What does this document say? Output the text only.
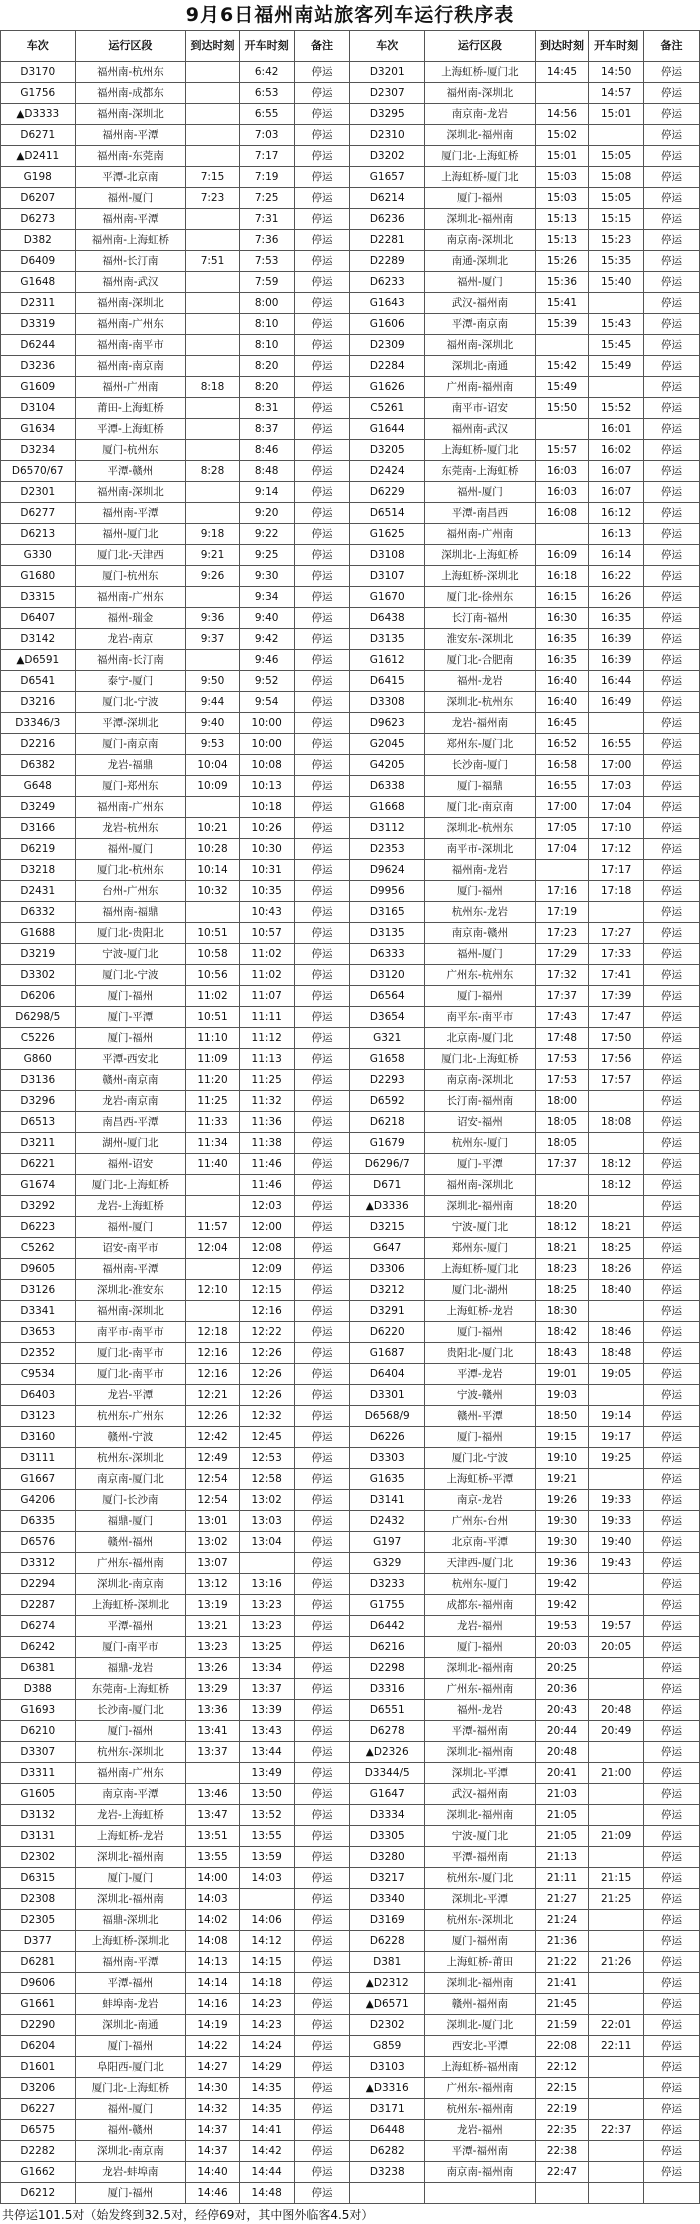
9月6日福州南站旅客列车运行秩序表
车次	运行区段	到达时刻	开车时刻	备注	车次	运行区段	到达时刻	开车时刻	备注
D3170	福州南-杭州东		6:42	停运	D3201	上海虹桥-厦门北	14:45	14:50	停运
G1756	福州南-成都东		6:53	停运	D2307	福州南-深圳北		14:57	停运
▲D3333	福州南-深圳北		6:55	停运	D3295	南京南-龙岩	14:56	15:01	停运
D6271	福州南-平潭		7:03	停运	D2310	深圳北-福州南	15:02		停运
▲D2411	福州南-东莞南		7:17	停运	D3202	厦门北-上海虹桥	15:01	15:05	停运
G198	平潭-北京南	7:15	7:19	停运	G1657	上海虹桥-厦门北	15:03	15:08	停运
D6207	福州-厦门	7:23	7:25	停运	D6214	厦门-福州	15:03	15:05	停运
D6273	福州南-平潭		7:31	停运	D6236	深圳北-福州南	15:13	15:15	停运
D382	福州南-上海虹桥		7:36	停运	D2281	南京南-深圳北	15:13	15:23	停运
D6409	福州-长汀南	7:51	7:53	停运	D2289	南通-深圳北	15:26	15:35	停运
G1648	福州南-武汉		7:59	停运	D6233	福州-厦门	15:36	15:40	停运
D2311	福州南-深圳北		8:00	停运	G1643	武汉-福州南	15:41		停运
D3319	福州南-广州东		8:10	停运	G1606	平潭-南京南	15:39	15:43	停运
D6244	福州南-南平市		8:10	停运	D2309	福州南-深圳北		15:45	停运
D3236	福州南-南京南		8:20	停运	D2284	深圳北-南通	15:42	15:49	停运
G1609	福州-广州南	8:18	8:20	停运	G1626	广州南-福州南	15:49		停运
D3104	莆田-上海虹桥		8:31	停运	C5261	南平市-诏安	15:50	15:52	停运
G1634	平潭-上海虹桥		8:37	停运	G1644	福州南-武汉		16:01	停运
D3234	厦门-杭州东		8:46	停运	D3205	上海虹桥-厦门北	15:57	16:02	停运
D6570/67	平潭-赣州	8:28	8:48	停运	D2424	东莞南-上海虹桥	16:03	16:07	停运
D2301	福州南-深圳北		9:14	停运	D6229	福州-厦门	16:03	16:07	停运
D6277	福州南-平潭		9:20	停运	D6514	平潭-南昌西	16:08	16:12	停运
D6213	福州-厦门北	9:18	9:22	停运	G1625	福州南-广州南		16:13	停运
G330	厦门北-天津西	9:21	9:25	停运	D3108	深圳北-上海虹桥	16:09	16:14	停运
G1680	厦门-杭州东	9:26	9:30	停运	D3107	上海虹桥-深圳北	16:18	16:22	停运
D3315	福州南-广州东		9:34	停运	G1670	厦门北-徐州东	16:15	16:26	停运
D6407	福州-瑞金	9:36	9:40	停运	D6438	长汀南-福州	16:30	16:35	停运
D3142	龙岩-南京	9:37	9:42	停运	D3135	淮安东-深圳北	16:35	16:39	停运
▲D6591	福州南-长汀南		9:46	停运	G1612	厦门北-合肥南	16:35	16:39	停运
D6541	泰宁-厦门	9:50	9:52	停运	D6415	福州-龙岩	16:40	16:44	停运
D3216	厦门北-宁波	9:44	9:54	停运	D3308	深圳北-杭州东	16:40	16:49	停运
D3346/3	平潭-深圳北	9:40	10:00	停运	D9623	龙岩-福州南	16:45		停运
D2216	厦门-南京南	9:53	10:00	停运	G2045	郑州东-厦门北	16:52	16:55	停运
D6382	龙岩-福鼎	10:04	10:08	停运	G4205	长沙南-厦门	16:58	17:00	停运
G648	厦门-郑州东	10:09	10:13	停运	D6338	厦门-福鼎	16:55	17:03	停运
D3249	福州南-广州东		10:18	停运	G1668	厦门北-南京南	17:00	17:04	停运
D3166	龙岩-杭州东	10:21	10:26	停运	D3112	深圳北-杭州东	17:05	17:10	停运
D6219	福州-厦门	10:28	10:30	停运	D2353	南平市-深圳北	17:04	17:12	停运
D3218	厦门北-杭州东	10:14	10:31	停运	D9624	福州南-龙岩		17:17	停运
D2431	台州-广州东	10:32	10:35	停运	D9956	厦门-福州	17:16	17:18	停运
D6332	福州南-福鼎		10:43	停运	D3165	杭州东-龙岩	17:19		停运
G1688	厦门北-贵阳北	10:51	10:57	停运	D3135	南京南-赣州	17:23	17:27	停运
D3219	宁波-厦门北	10:58	11:02	停运	D6333	福州-厦门	17:29	17:33	停运
D3302	厦门北-宁波	10:56	11:02	停运	D3120	广州东-杭州东	17:32	17:41	停运
D6206	厦门-福州	11:02	11:07	停运	D6564	厦门-福州	17:37	17:39	停运
D6298/5	厦门-平潭	10:51	11:11	停运	D3654	南平东-南平市	17:43	17:47	停运
C5226	厦门-福州	11:10	11:12	停运	G321	北京南-厦门北	17:48	17:50	停运
G860	平潭-西安北	11:09	11:13	停运	G1658	厦门北-上海虹桥	17:53	17:56	停运
D3136	赣州-南京南	11:20	11:25	停运	D2293	南京南-深圳北	17:53	17:57	停运
D3296	龙岩-南京南	11:25	11:32	停运	D6592	长汀南-福州南	18:00		停运
D6513	南昌西-平潭	11:33	11:36	停运	D6218	诏安-福州	18:05	18:08	停运
D3211	湖州-厦门北	11:34	11:38	停运	G1679	杭州东-厦门	18:05		停运
D6221	福州-诏安	11:40	11:46	停运	D6296/7	厦门-平潭	17:37	18:12	停运
G1674	厦门北-上海虹桥		11:46	停运	D671	福州南-深圳北		18:12	停运
D3292	龙岩-上海虹桥		12:03	停运	▲D3336	深圳北-福州南	18:20		停运
D6223	福州-厦门	11:57	12:00	停运	D3215	宁波-厦门北	18:12	18:21	停运
C5262	诏安-南平市	12:04	12:08	停运	G647	郑州东-厦门	18:21	18:25	停运
D9605	福州南-平潭		12:09	停运	D3306	上海虹桥-厦门北	18:23	18:26	停运
D3126	深圳北-淮安东	12:10	12:15	停运	D3212	厦门北-湖州	18:25	18:40	停运
D3341	福州南-深圳北		12:16	停运	D3291	上海虹桥-龙岩	18:30		停运
D3653	南平市-南平市	12:18	12:22	停运	D6220	厦门-福州	18:42	18:46	停运
D2352	厦门北-南平市	12:16	12:26	停运	G1687	贵阳北-厦门北	18:43	18:48	停运
C9534	厦门北-南平市	12:16	12:26	停运	D6404	平潭-龙岩	19:01	19:05	停运
D6403	龙岩-平潭	12:21	12:26	停运	D3301	宁波-赣州	19:03		停运
D3123	杭州东-广州东	12:26	12:32	停运	D6568/9	赣州-平潭	18:50	19:14	停运
D3160	赣州-宁波	12:42	12:45	停运	D6226	厦门-福州	19:15	19:17	停运
D3111	杭州东-深圳北	12:49	12:53	停运	D3303	厦门北-宁波	19:10	19:25	停运
G1667	南京南-厦门北	12:54	12:58	停运	G1635	上海虹桥-平潭	19:21		停运
G4206	厦门-长沙南	12:54	13:02	停运	D3141	南京-龙岩	19:26	19:33	停运
D6335	福鼎-厦门	13:01	13:03	停运	D2432	广州东-台州	19:30	19:33	停运
D6576	赣州-福州	13:02	13:04	停运	G197	北京南-平潭	19:30	19:40	停运
D3312	广州东-福州南	13:07		停运	G329	天津西-厦门北	19:36	19:43	停运
D2294	深圳北-南京南	13:12	13:16	停运	D3233	杭州东-厦门	19:42		停运
D2287	上海虹桥-深圳北	13:19	13:23	停运	G1755	成都东-福州南	19:42		停运
D6274	平潭-福州	13:21	13:23	停运	D6442	龙岩-福州	19:53	19:57	停运
D6242	厦门-南平市	13:23	13:25	停运	D6216	厦门-福州	20:03	20:05	停运
D6381	福鼎-龙岩	13:26	13:34	停运	D2298	深圳北-福州南	20:25		停运
D388	东莞南-上海虹桥	13:29	13:37	停运	D3316	广州东-福州南	20:36		停运
G1693	长沙南-厦门北	13:36	13:39	停运	D6551	福州-龙岩	20:43	20:48	停运
D6210	厦门-福州	13:41	13:43	停运	D6278	平潭-福州南	20:44	20:49	停运
D3307	杭州东-深圳北	13:37	13:44	停运	▲D2326	深圳北-福州南	20:48		停运
D3311	福州南-广州东		13:49	停运	D3344/5	深圳北-平潭	20:41	21:00	停运
G1605	南京南-平潭	13:46	13:50	停运	G1647	武汉-福州南	21:03		停运
D3132	龙岩-上海虹桥	13:47	13:52	停运	D3334	深圳北-福州南	21:05		停运
D3131	上海虹桥-龙岩	13:51	13:55	停运	D3305	宁波-厦门北	21:05	21:09	停运
D2302	深圳北-福州南	13:55	13:59	停运	D3280	平潭-福州南	21:13		停运
D6315	厦门-厦门	14:00	14:03	停运	D3217	杭州东-厦门北	21:11	21:15	停运
D2308	深圳北-福州南	14:03		停运	D3340	深圳北-平潭	21:27	21:25	停运
D2305	福鼎-深圳北	14:02	14:06	停运	D3169	杭州东-深圳北	21:24		停运
D377	上海虹桥-深圳北	14:08	14:12	停运	D6228	厦门-福州南	21:36		停运
D6281	福州南-平潭	14:13	14:15	停运	D381	上海虹桥-莆田	21:22	21:26	停运
D9606	平潭-福州	14:14	14:18	停运	▲D2312	深圳北-福州南	21:41		停运
G1661	蚌埠南-龙岩	14:16	14:23	停运	▲D6571	赣州-福州南	21:45		停运
D2290	深圳北-南通	14:19	14:23	停运	D2302	深圳北-厦门北	21:59	22:01	停运
D6204	厦门-福州	14:22	14:24	停运	G859	西安北-平潭	22:08	22:11	停运
D1601	阜阳西-厦门北	14:27	14:29	停运	D3103	上海虹桥-福州南	22:12		停运
D3206	厦门北-上海虹桥	14:30	14:35	停运	▲D3316	广州东-福州南	22:15		停运
D6227	福州-厦门	14:32	14:35	停运	D3171	杭州东-福州南	22:19		停运
D6575	福州-赣州	14:37	14:41	停运	D6448	龙岩-福州	22:35	22:37	停运
D2282	深圳北-南京南	14:37	14:42	停运	D6282	平潭-福州南	22:38		停运
G1662	龙岩-蚌埠南	14:40	14:44	停运	D3238	南京南-福州南	22:47		停运
D6212	厦门-福州	14:46	14:48	停运					
共停运101.5对（始发终到32.5对，经停69对，其中图外临客4.5对）
